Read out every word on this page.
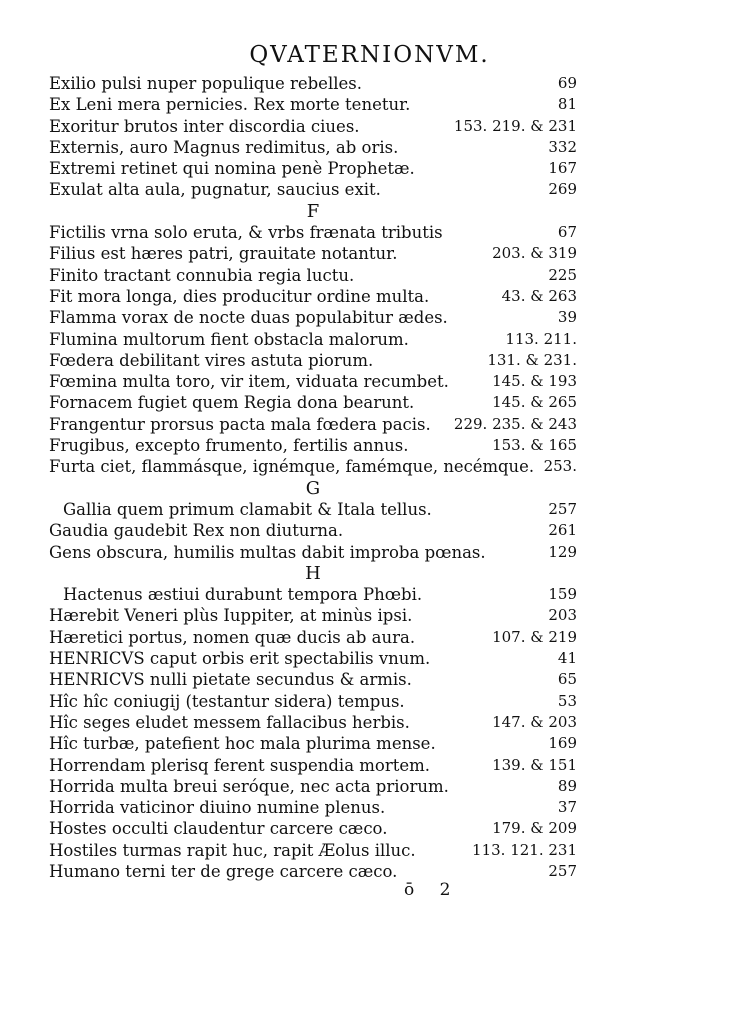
QVATERNIONVM.
Exilio pulsi nuper populique rebelles.	69
Ex Leni mera pernicies. Rex morte tenetur.	81
Exoritur brutos inter discordia ciues.	153. 219. & 231
Externis, auro Magnus redimitus, ab oris.	332
Extremi retinet qui nomina penè Prophetæ.	167
Exulat alta aula, pugnatur, saucius exit.	269
F
Fictilis vrna solo eruta, & vrbs frænata tributis	67
Filius est hæres patri, grauitate notantur.	203. & 319
Finito tractant connubia regia luctu.	225
Fit mora longa, dies producitur ordine multa.	43. & 263
Flamma vorax de nocte duas populabitur ædes.	39
Flumina multorum fient obstacla malorum.	113. 211.
Fœdera debilitant vires astuta piorum.	131. & 231.
Fœmina multa toro, vir item, viduata recumbet.	145. & 193
Fornacem fugiet quem Regia dona bearunt.	145. & 265
Frangentur prorsus pacta mala fœdera pacis. 229. 235. & 243
Frugibus, excepto frumento, fertilis annus.	153. & 165
Furta ciet, flammásque, ignémque, famémque, necémque. 253.
G
Gallia quem primum clamabit & Itala tellus.	257
Gaudia gaudebit Rex non diuturna.	261
Gens obscura, humilis multas dabit improba pœnas.	129
H
Hactenus æstiui durabunt tempora Phœbi.	159
Hærebit Veneri plùs Iuppiter, at minùs ipsi.	203
Hæretici portus, nomen quæ ducis ab aura.	107. & 219
HENRICVS caput orbis erit spectabilis vnum.	41
HENRICVS nulli pietate secundus & armis.	65
Hîc hîc coniugij (testantur sidera) tempus.	53
Hîc seges eludet messem fallacibus herbis.	147. & 203
Hîc turbæ, patefient hoc mala plurima mense.	169
Horrendam plerisq ferent suspendia mortem.	139. & 151
Horrida multa breui seróque, nec acta priorum.	89
Horrida vaticinor diuino numine plenus.	37
Hostes occulti claudentur carcere cæco.	179. & 209
Hostiles turmas rapit huc, rapit Æolus illuc.	113. 121. 231
Humano terni ter de grege carcere cæco.	257
ō 2
